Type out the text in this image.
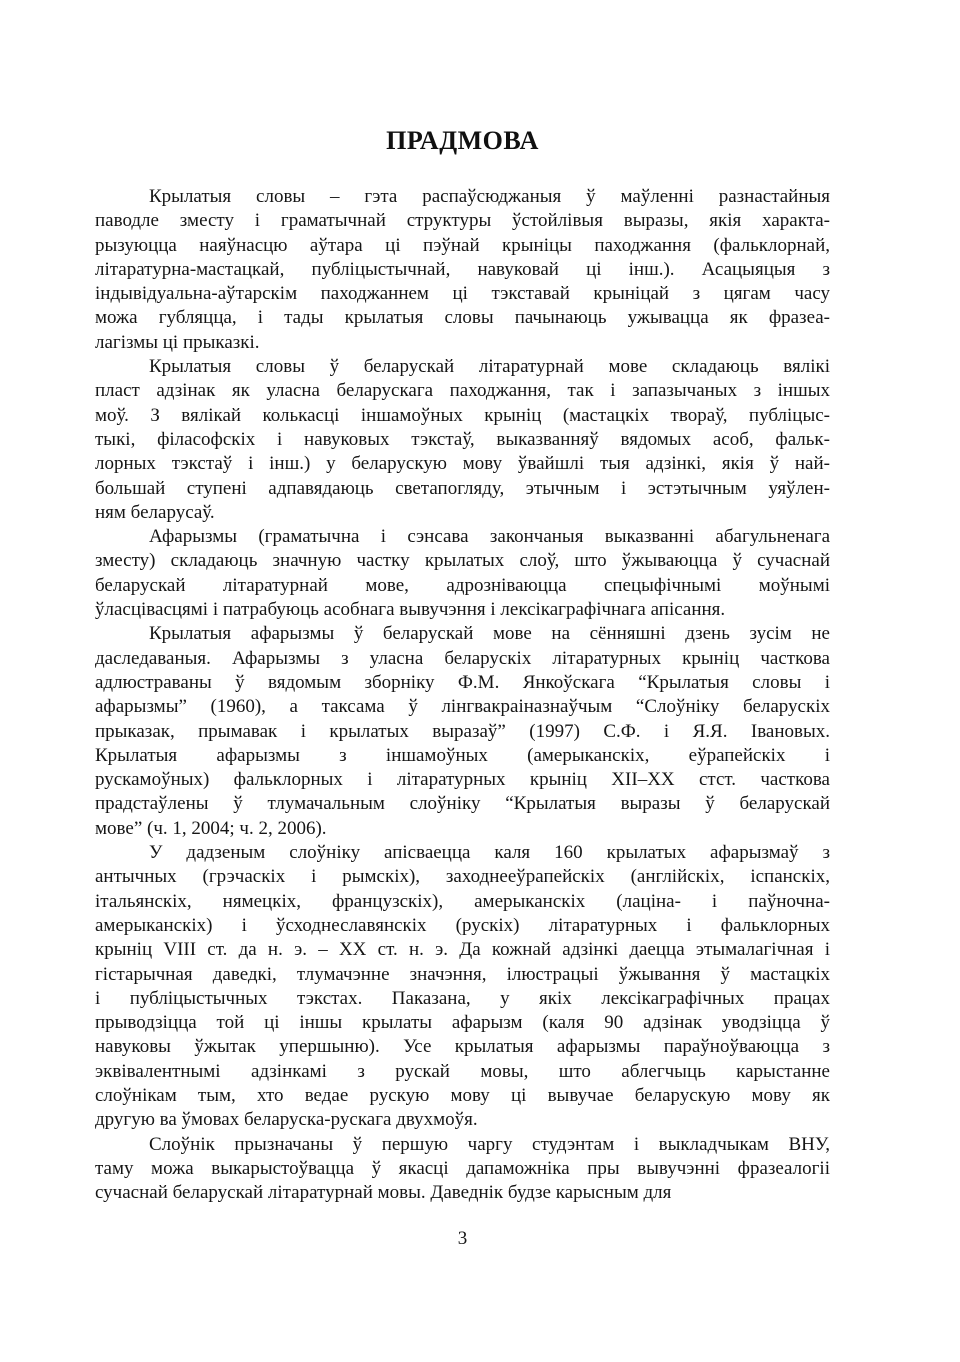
ПРАДМОВА
Крылатыя словы – гэта распаўсюджаныя ў маўленні разнастайныя
паводле зместу і граматычнай структуры ўстойлівыя выразы, якія характа-
рызуюцца наяўнасцю аўтара ці пэўнай крыніцы паходжання (фальклорнай,
літаратурна-мастацкай, публіцыстычнай, навуковай ці інш.). Асацыяцыя з
індывідуальна-аўтарскім паходжаннем ці тэкставай крыніцай з цягам часу
можа губляцца, і тады крылатыя словы пачынаюць ужывацца як фразеа-
лагізмы ці прыказкі.
Крылатыя словы ў беларускай літаратурнай мове складаюць вялікі
пласт адзінак як уласна беларускага паходжання, так і запазычаных з іншых
моў. З вялікай колькасці іншамоўных крыніц (мастацкіх твораў, публіцыс-
тыкі, філасофскіх і навуковых тэкстаў, выказванняў вядомых асоб, фальк-
лорных тэкстаў і інш.) у беларускую мову ўвайшлі тыя адзінкі, якія ў най-
большай ступені адпавядаюць светапогляду, этычным і эстэтычным уяўлен-
ням беларусаў.
Афарызмы (граматычна і сэнсава закончаныя выказванні абагульненага
зместу) складаюць значную частку крылатых слоў, што ўжываюцца ў сучаснай
беларускай літаратурнай мове, адрозніваюцца спецыфічнымі моўнымі
ўласцівасцямі і патрабуюць асобнага вывучэння і лексікаграфічнага апісання.
Крылатыя афарызмы ў беларускай мове на сённяшні дзень зусім не
даследаваныя. Афарызмы з уласна беларускіх літаратурных крыніц часткова
адлюстраваны ў вядомым зборніку Ф.М. Янкоўскага “Крылатыя словы і
афарызмы” (1960), а таксама ў лінгвакраіназнаўчым “Слоўніку беларускіх
прыказак, прымавак і крылатых выразаў” (1997) С.Ф. і Я.Я. Івановых.
Крылатыя афарызмы з іншамоўных (амерыканскіх, еўрапейскіх і
рускамоўных) фальклорных і літаратурных крыніц XII–XX стст. часткова
прадстаўлены ў тлумачальным слоўніку “Крылатыя выразы ў беларускай
мове” (ч. 1, 2004; ч. 2, 2006).
У дадзеным слоўніку апісваецца каля 160 крылатых афарызмаў з
антычных (грэчаскіх і рымскіх), заходнееўрапейскіх (англійскіх, іспанскіх,
італьянскіх, нямецкіх, французскіх), амерыканскіх (лаціна- і паўночна-
амерыканскіх) і ўсходнеславянскіх (рускіх) літаратурных і фальклорных
крыніц VIII ст. да н. э. – XX ст. н. э. Да кожнай адзінкі даецца этымалагічная і
гістарычная даведкі, тлумачэнне значэння, ілюстрацыі ўжывання ў мастацкіх
і публіцыстычных тэкстах. Паказана, у якіх лексікаграфічных працах
прыводзіцца той ці іншы крылаты афарызм (каля 90 адзінак уводзіцца ў
навуковы ўжытак упершыню). Усе крылатыя афарызмы параўноўваюцца з
эквівалентнымі адзінкамі з рускай мовы, што аблегчыць карыстанне
слоўнікам тым, хто ведае рускую мову ці вывучае беларускую мову як
другую ва ўмовах беларуска-рускага двухмоўя.
Слоўнік прызначаны ў першую чаргу студэнтам і выкладчыкам ВНУ,
таму можа выкарыстоўвацца ў якасці дапаможніка пры вывучэнні фразеалогіі
сучаснай беларускай літаратурнай мовы. Даведнік будзе карысным для
3
